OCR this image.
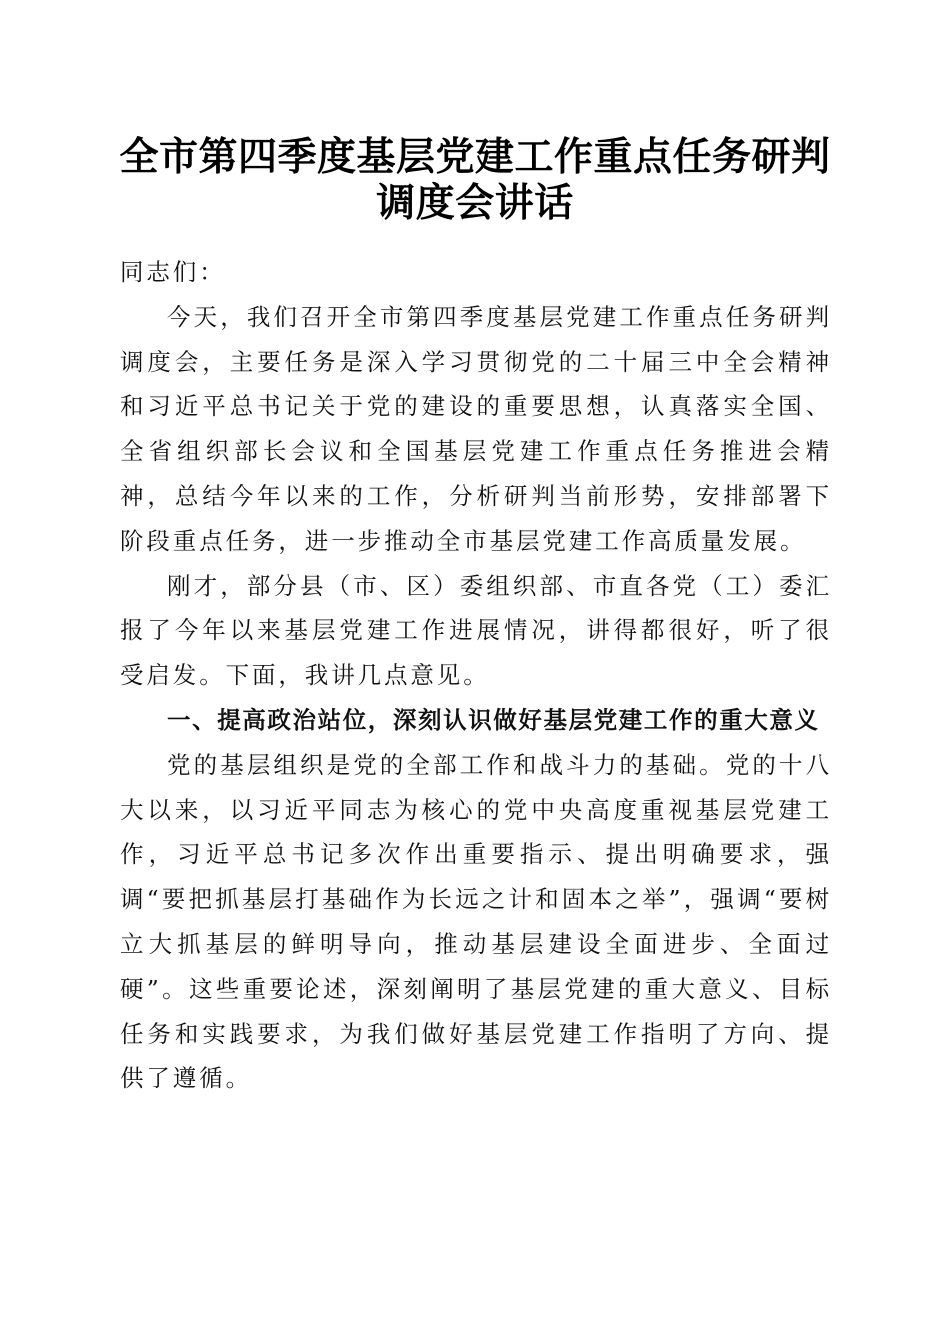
全市第四季度基层党建工作重点任务研判调度会讲话

同志们：

今天，我们召开全市第四季度基层党建工作重点任务研判调度会，主要任务是深入学习贯彻党的二十届三中全会精神和习近平总书记关于党的建设的重要思想，认真落实全国、全省组织部长会议和全国基层党建工作重点任务推进会精神，总结今年以来的工作，分析研判当前形势，安排部署下阶段重点任务，进一步推动全市基层党建工作高质量发展。

刚才，部分县（市、区）委组织部、市直各党（工）委汇报了今年以来基层党建工作进展情况，讲得都很好，听了很受启发。下面，我讲几点意见。

一、提高政治站位，深刻认识做好基层党建工作的重大意义

党的基层组织是党的全部工作和战斗力的基础。党的十八大以来，以习近平同志为核心的党中央高度重视基层党建工作，习近平总书记多次作出重要指示、提出明确要求，强调“要把抓基层打基础作为长远之计和固本之举”，强调“要树立大抓基层的鲜明导向，推动基层建设全面进步、全面过硬”。这些重要论述，深刻阐明了基层党建的重大意义、目标任务和实践要求，为我们做好基层党建工作指明了方向、提供了遵循。
